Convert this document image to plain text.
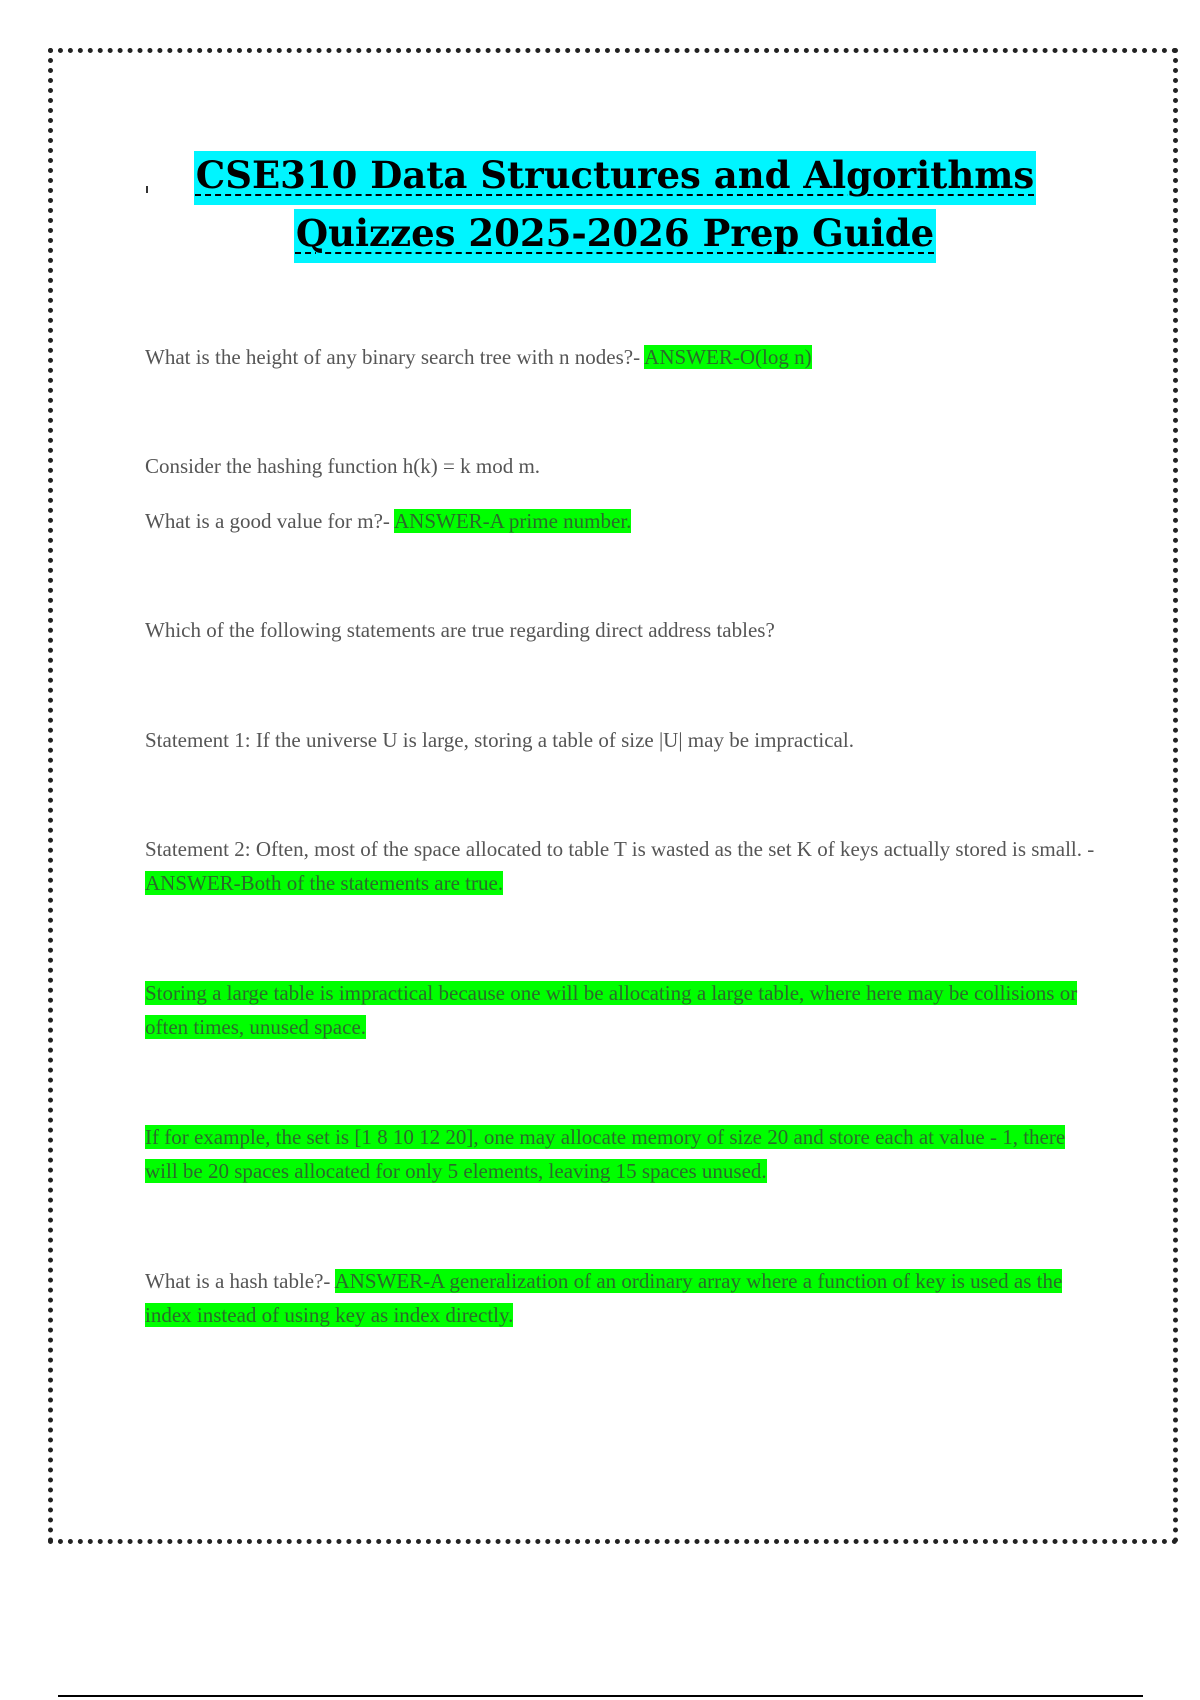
CSE310 Data Structures and Algorithms
Quizzes 2025-2026 Prep Guide
What is the height of any binary search tree with n nodes?- ANSWER-O(log n)
Consider the hashing function h(k) = k mod m.
What is a good value for m?- ANSWER-A prime number.
Which of the following statements are true regarding direct address tables?
Statement 1: If the universe U is large, storing a table of size |U| may be impractical.
Statement 2: Often, most of the space allocated to table T is wasted as the set K of keys actually stored is small. - ANSWER-Both of the statements are true.
Storing a large table is impractical because one will be allocating a large table, where here may be collisions or often times, unused space.
If for example, the set is [1 8 10 12 20], one may allocate memory of size 20 and store each at value - 1, there will be 20 spaces allocated for only 5 elements, leaving 15 spaces unused.
What is a hash table?- ANSWER-A generalization of an ordinary array where a function of key is used as the index instead of using key as index directly.
